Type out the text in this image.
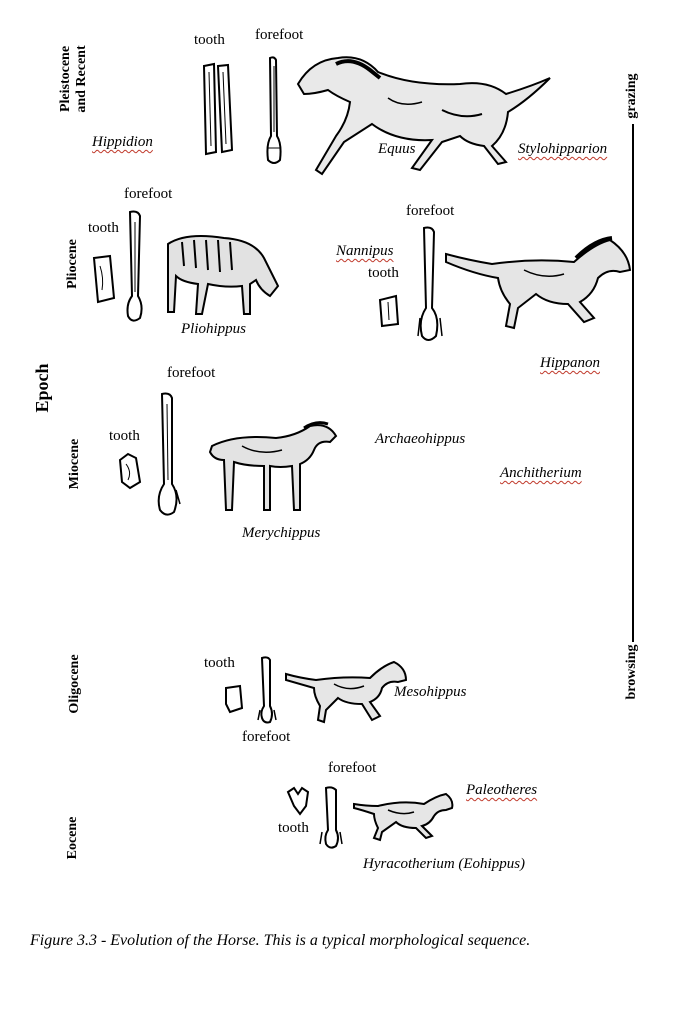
Epoch
Pleistocene and Recent
Pliocene
Miocene
Oligocene
Eocene
grazing
browsing
tooth forefoot
Hippidion	Equus	Stylohipparion
forefoot
tooth
Pliohippus
forefoot
Nannipus
tooth
Hippanon
forefoot
tooth
Merychippus
Archaeohippus
Anchitherium
tooth
forefoot
Mesohippus
forefoot
tooth
Paleotheres
Hyracotherium (Eohippus)
Figure 3.3 - Evolution of the Horse. This is a typical morphological sequence.
